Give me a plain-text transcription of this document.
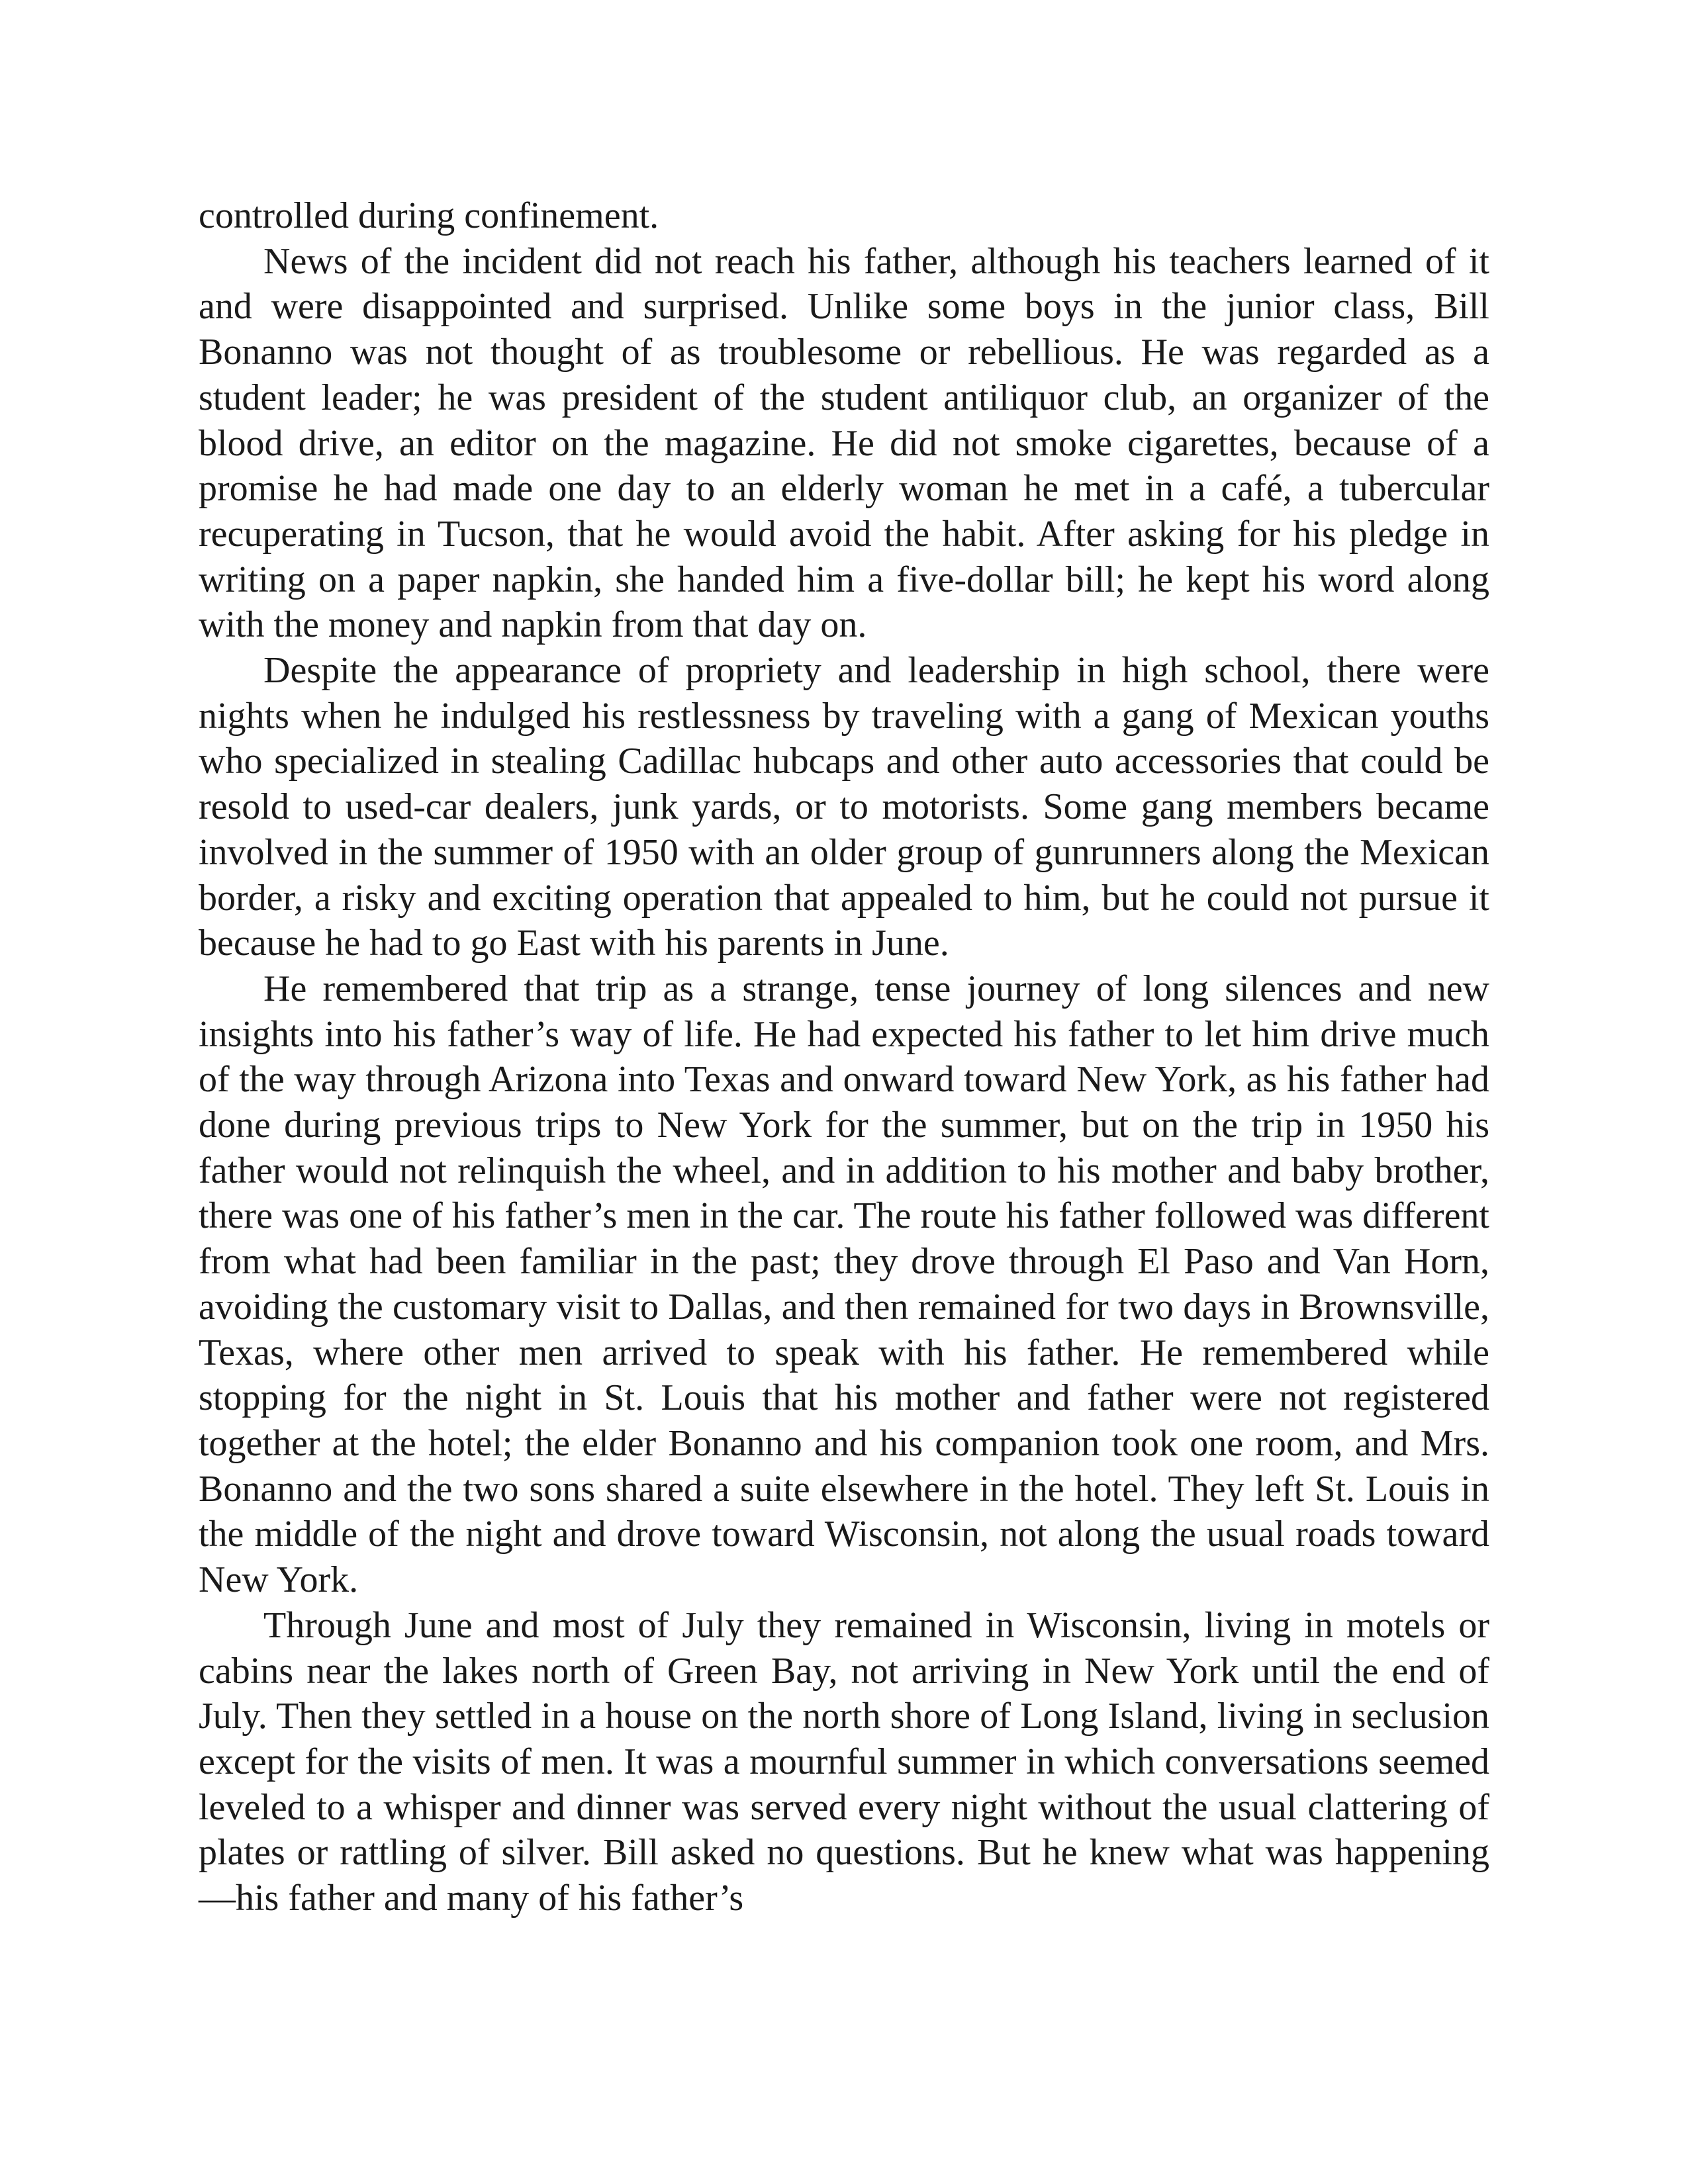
controlled during confinement.

News of the incident did not reach his father, although his teachers learned of it and were disappointed and surprised. Unlike some boys in the junior class, Bill Bonanno was not thought of as troublesome or rebellious. He was regarded as a student leader; he was president of the student antiliquor club, an organizer of the blood drive, an editor on the magazine. He did not smoke cigarettes, because of a promise he had made one day to an elderly woman he met in a café, a tubercular recuperating in Tucson, that he would avoid the habit. After asking for his pledge in writing on a paper napkin, she handed him a five-dollar bill; he kept his word along with the money and napkin from that day on.

Despite the appearance of propriety and leadership in high school, there were nights when he indulged his restlessness by traveling with a gang of Mexican youths who specialized in stealing Cadillac hubcaps and other auto accessories that could be resold to used-car dealers, junk yards, or to motorists. Some gang members became involved in the summer of 1950 with an older group of gunrunners along the Mexican border, a risky and exciting operation that appealed to him, but he could not pursue it because he had to go East with his parents in June.

He remembered that trip as a strange, tense journey of long silences and new insights into his father’s way of life. He had expected his father to let him drive much of the way through Arizona into Texas and onward toward New York, as his father had done during previous trips to New York for the summer, but on the trip in 1950 his father would not relinquish the wheel, and in addition to his mother and baby brother, there was one of his father’s men in the car. The route his father followed was different from what had been familiar in the past; they drove through El Paso and Van Horn, avoiding the customary visit to Dallas, and then remained for two days in Brownsville, Texas, where other men arrived to speak with his father. He remembered while stopping for the night in St. Louis that his mother and father were not registered together at the hotel; the elder Bonanno and his companion took one room, and Mrs. Bonanno and the two sons shared a suite elsewhere in the hotel. They left St. Louis in the middle of the night and drove toward Wisconsin, not along the usual roads toward New York.

Through June and most of July they remained in Wisconsin, living in motels or cabins near the lakes north of Green Bay, not arriving in New York until the end of July. Then they settled in a house on the north shore of Long Island, living in seclusion except for the visits of men. It was a mournful summer in which conversations seemed leveled to a whisper and dinner was served every night without the usual clattering of plates or rattling of silver. Bill asked no questions. But he knew what was happening—his father and many of his father’s
